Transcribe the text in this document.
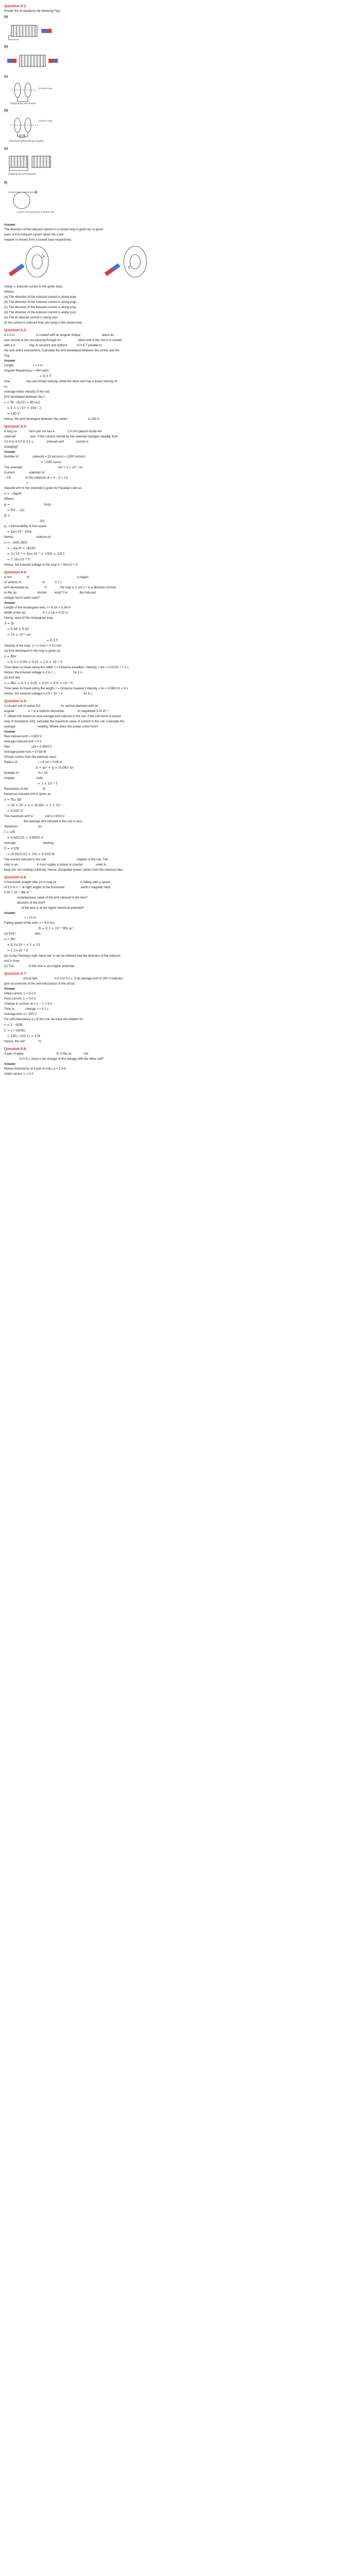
Question 6.1:
Predict the di situations de following Figs.
(a)
(b)
(c)
Common axis
(Tapping key just closed)
(d)
Common axis
(Rheostat setting being changed)
(e)
(Tapping key just released)
(f)
Current I decreasing at a steady rate
Answer
The direction of the induced current in a closed loop is given by Le given
pairs of fi th induced current when the a bar
magnet is moved from a closed loop respectively.
Using l c induced current in the given situa
follows:
(a) The direction of the induced current is along qrpq.
(b) The direction of the induced current is along prqp.
(c) The direction of the induced current is along yzxy.
(d) The direction of the induced current is along zyxz.
(e) The di induced current is along xryx.
(f) No current is induced lines are lying in the closed loop.
Question 6.2:
A 1.0 m                         is rotated with an angular freque                         about an
axis normal to the rod passing through its                    other end of the rod is in contact
with a ci                ring. A constant and uniform           of 0.5 T parallel to
the axis every everywhere. Calculate the emf developed between the centre and the
ring.
Answer
Length                       l = 1 m
Angular frequency,ω = 400 rad/s
= 0.5 T
One                   has zero linear velocity, while the other end has a linear velocity of
lω.
Average linear velocity of the rod,
Emf developed between the c
ε = Bl · (lω/2) = Bl²ω/2
= 0.5 × (1)² × 400 / 2
= 100 V
Hence, the emf developed between the centre                        is 100 V.
Question 6.3:
A long so              turns per cm has a               2.0 cm² placed inside the
solenoid                 axis. If the current carried by the solenoid changes steadily from
2.0 A to 4.0 A in 0.1 s,               induced emf              current is
changing?
Answer
Number of                solenoid = 15 turns/cm = 1500 turns/m
= 1500 turns
The solenoid                                          cm² = 2 × 10⁻⁴ m²
Current                 solenoid ch
∴ Ch                 in the solenoid, di = 4 − 2 = 2 A
s
Induced emf in the solenoid is given by Faraday's law as:
e = −dφ/dt
Where,
φ =                                   loop
= BA ....(ii)
B =
....(iii)
μ₀ = Permeability of free space
= 4π×10⁻⁷ H/m
Hence,                          reduces to:
e = −d/dt (BA)
= −Aμ₀N × (di/dt)
= 2×10⁻⁴ × 4π×10⁻⁷ × 1500 × 2/0.1
= 7.54×10⁻⁶ V
Hence, the induced voltage in the loop is 7.54×10⁻⁶ V.
Question 6.4:
A rect                 of                                                        a region
of uniform m                        of            3 T s
emf developed ac                   if                the loop is 1 cm s⁻¹ in a direction normal
to the (a)                        shorter         loop? For              the induced
voltage last in each case?
Answer
Length of the rectangular wire, l = 8 cm = 0.08 m
Width of the rec                  , b = 2 cm = 0.02 m
Hence, area of the rectangular loop,
A = lb
= 0.08 × 0.02
= 16 × 10⁻⁴ m²
= 0.3 T
Velocity of the loop, v = 1 cm/s = 0.01 m/s
(a) Emf developed in the loop is given as:
e = Bhv
= 0.3 × 0.08 × 0.01 = 2.4 × 10⁻⁴ V
Time taken to travel along the width, t = Distance travelled / Velocity = b/v = 0.02/10⁻² = 2 s
Hence, the induced voltage is 2.4 × ...                    for 2 s.
(b) Emf dev
e = Bbv = 0.3 × 0.02 × 0.01 = 0.6 × 10⁻⁴ V
Time taken to travel along the length, t = Distance traveled / Velocity = l/v = 0.08/0.01 = 8 s
Hence, the induced voltage is 0.6 × 10⁻⁴ V                        for 8 s.
Question 6.5:
A circular coil of radius 8.0                        its vertical diameter with an
angular                s⁻¹ in a uniform horizontal                of magnitude 3.0×10⁻²
T. Obtain the maximum and average emf induced in the coil. If the coil forms a closed
loop of resistance 10Ω, calculate the maximum value of current in the coil. Calculate the
average                          heating. Where does this power come from?
Answer
Max induced emf = 0.603 V
Average induced emf = 0 V
Max                         coil = 0.0603 A
Average power loss = 0.018 W
(Power comes from the external rotor)
Radius of                        r = 8 cm = 0.08 m
A = πr² = π × (0.08)² m²
Number of                       N = 20
Angular                         rad/s
= 3 × 10⁻² T
Resistance of the                 Ω
Maximum induced emf is given as:
e = Nω AB
= 20 × 50 × π × (0.08)² × 3 × 10⁻²
= 0.603 V
The maximum emf in              coil is 0.603 V.
the average emf induced in the coil is zero.
Maximum                        as:
I = e/R
= 0.603/10 = 0.0603 A
Average                                heating:
P = e²/2R
= (0.603)²/(2 × 10) = 0.018 W
The current induced in the coil                                    rotation of the coil. The
rotor is an                      It must supply a torque to counter               order to
keep the coil rotating uniformly. Hence, dissipated power comes from the external rotor.
Question 6.6:
A horizontal straight wire 10 m long ex                            is falling with a speed
of 5.0 m s⁻¹, at right angles to the horizontal                   earth's magnetic field,
0.30 × 10⁻⁴ Wb m⁻²
instantaneous value of the emf induced in the wire?
direction of the emf?
of the wire is at the higher electrical potential?
Answer
l = 10 m
Falling speed of the wire, v = 5.0 m/s
B = 0.3 × 10⁻⁴ Wb m⁻²
(a) Emf i                      wire,
e = Blv
= 0.3×10⁻⁴ × 5 × 10
= 1.5×10⁻³ V
(b) Using Fleming's right hand rule, it can be inferred that the direction of the induced
emf is from
(c) The                 of the wire is at a higher potential.
Question 6.7:
circuit falls                    0.0 A in 0.1 s. If an average emf of 200 V induced,
give an estimate of the self-inductance of the circuit.
Answer
Initial current, I₁ = 5.0 A
Final current, I₂ = 0.0 A
Change in current, dI = I₁ − I₂ = 5 A
Time ta             change, t = 0.1 s
Average emf, e = 200 V
For self-inductance (L) of the coil, we have the relation for
e = L · di/dt
L = e / (di/dt)
= 200 / (5/0.1) = 4 H
Hence, the self                H.
Question 6.8:
A pair of adjac                                      H. If the cu              coil
in 0.5 s, what is the change of flux linkage with the other coil?
Answer
Mutual inductance of a pair of coils, μ = 1.5 H
Initial current, I₁ = 0 A
